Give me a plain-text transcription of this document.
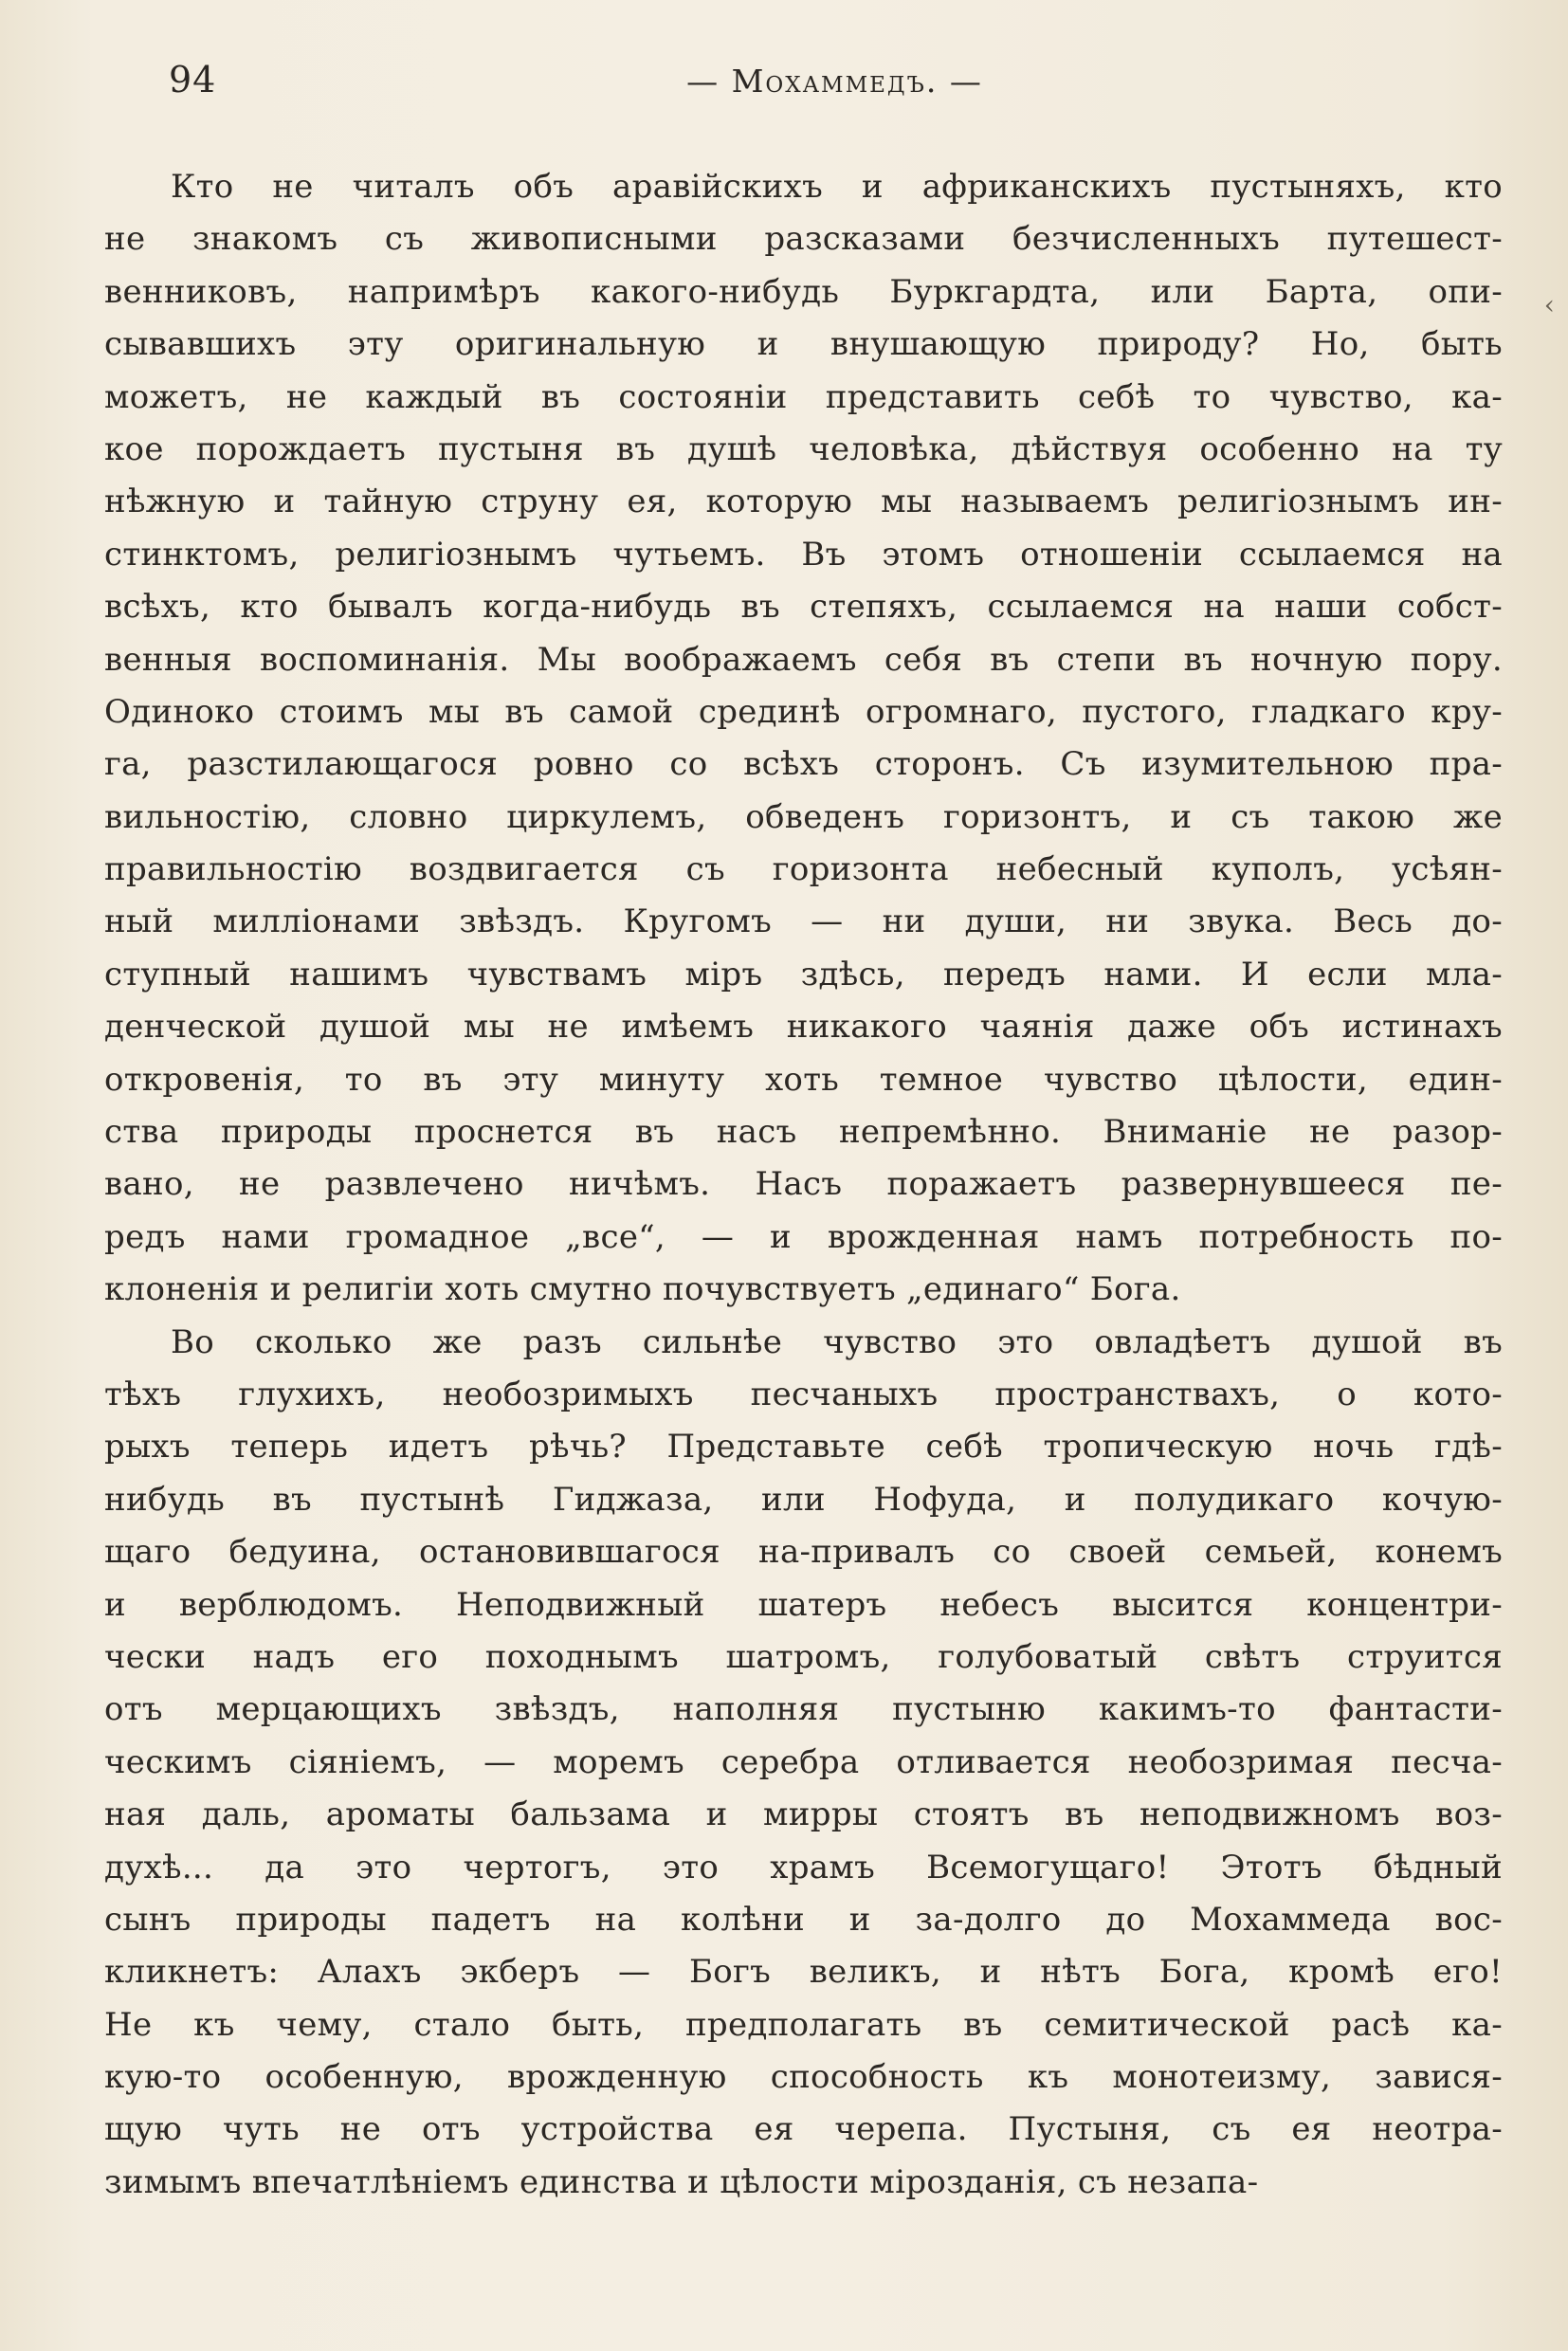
94	— Мохаммедъ. —
‹
Кто не читалъ объ аравійскихъ и африканскихъ пустыняхъ, кто
не знакомъ съ живописными разсказами безчисленныхъ путешест-
венниковъ, напримѣръ какого-нибудь Буркгардта, или Барта, опи-
сывавшихъ эту оригинальную и внушающую природу? Но, быть
можетъ, не каждый въ состояніи представить себѣ то чувство, ка-
кое порождаетъ пустыня въ душѣ человѣка, дѣйствуя особенно на ту
нѣжную и тайную струну ея, которую мы называемъ религіознымъ ин-
стинктомъ, религіознымъ чутьемъ. Въ этомъ отношеніи ссылаемся на
всѣхъ, кто бывалъ когда-нибудь въ степяхъ, ссылаемся на наши собст-
венныя воспоминанія. Мы воображаемъ себя въ степи въ ночную пору.
Одиноко стоимъ мы въ самой срединѣ огромнаго, пустого, гладкаго кру-
га, разстилающагося ровно со всѣхъ сторонъ. Съ изумительною пра-
вильностію, словно циркулемъ, обведенъ горизонтъ, и съ такою же
правильностію воздвигается съ горизонта небесный куполъ, усѣян-
ный милліонами звѣздъ. Кругомъ — ни души, ни звука. Весь до-
ступный нашимъ чувствамъ міръ здѣсь, передъ нами. И если мла-
денческой душой мы не имѣемъ никакого чаянія даже объ истинахъ
откровенія, то въ эту минуту хоть темное чувство цѣлости, един-
ства природы проснется въ насъ непремѣнно. Вниманіе не разор-
вано, не развлечено ничѣмъ. Насъ поражаетъ развернувшееся пе-
редъ нами громадное „все“, — и врожденная намъ потребность по-
клоненія и религіи хоть смутно почувствуетъ „единаго“ Бога.
Во сколько же разъ сильнѣе чувство это овладѣетъ душой въ
тѣхъ глухихъ, необозримыхъ песчаныхъ пространствахъ, о кото-
рыхъ теперь идетъ рѣчь? Представьте себѣ тропическую ночь гдѣ-
нибудь въ пустынѣ Гиджаза, или Нофуда, и полудикаго кочую-
щаго бедуина, остановившагося на-привалъ со своей семьей, конемъ
и верблюдомъ. Неподвижный шатеръ небесъ высится концентри-
чески надъ его походнымъ шатромъ, голубоватый свѣтъ струится
отъ мерцающихъ звѣздъ, наполняя пустыню какимъ-то фантасти-
ческимъ сіяніемъ, — моремъ серебра отливается необозримая песча-
ная даль, ароматы бальзама и мирры стоятъ въ неподвижномъ воз-
духѣ... да это чертогъ, это храмъ Всемогущаго! Этотъ бѣдный
сынъ природы падетъ на колѣни и за-долго до Мохаммеда вос-
кликнетъ: Алахъ экберъ — Богъ великъ, и нѣтъ Бога, кромѣ его!
Не къ чему, стало быть, предполагать въ семитической расѣ ка-
кую-то особенную, врожденную способность къ монотеизму, завися-
щую чуть не отъ устройства ея черепа. Пустыня, съ ея неотра-
зимымъ впечатлѣніемъ единства и цѣлости мірозданія, съ незапа-
